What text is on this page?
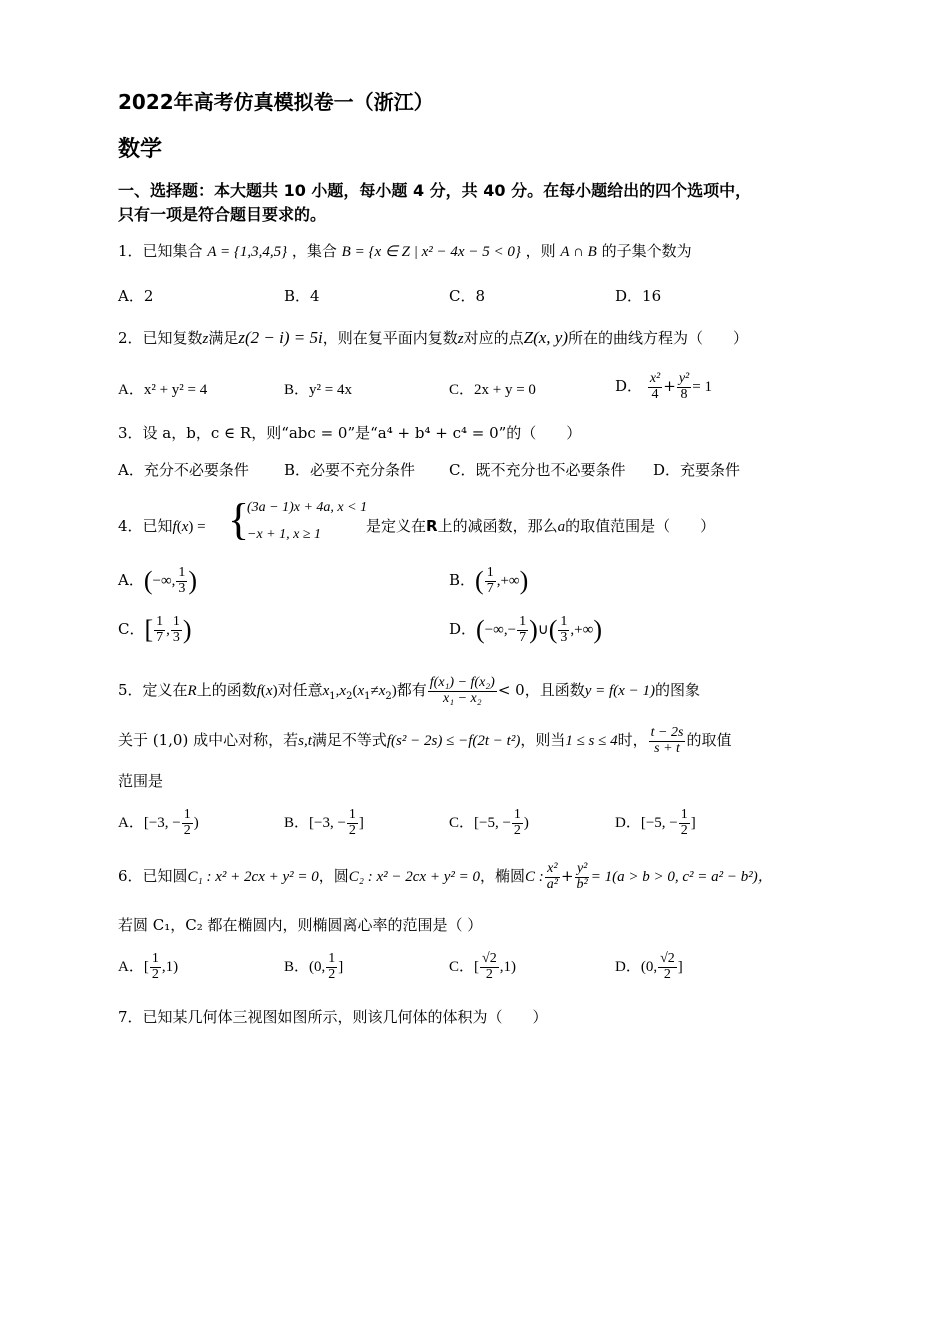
2022年高考仿真模拟卷一（浙江）
数学
一、选择题：本大题共 10 小题，每小题 4 分，共 40 分。在每小题给出的四个选项中，
只有一项是符合题目要求的。
1．已知集合 A = {1,3,4,5} ，集合 B = {x ∈ Z | x² − 4x − 5 < 0} ，则 A ∩ B 的子集个数为
A．2	B．4	C．8	D．16
2．已知复数z满足z(2 − i) = 5i，则在复平面内复数z对应的点Z(x, y)所在的曲线方程为（　　）
A．x² + y² = 4	B．y² = 4x	C．2x + y = 0	D． $\frac{\text{x²}}{4} + \frac{\text{y²}}{8} = 1$
3．设 a，b，c ∈ R，则“abc = 0”是“a⁴ + b⁴ + c⁴ = 0”的（　　）
A．充分不必要条件 B．必要不充分条件 C．既不充分也不必要条件 D．充要条件
4．已知f(x) = {
(3a − 1)x + 4a, x < 1
−x + 1, x ≥ 1	是定义在R上的减函数，那么a的取值范围是（　　）
A．(−∞, $\frac{1}{3}$ )	B．( $\frac{1}{7}$ ,+∞)
C．[ $\frac{1}{7}$ , $\frac{1}{3}$ )	D．(−∞,− $\frac{1}{7}$ )∪( $\frac{1}{3}$ ,+∞)
5．定义在R上的函数f(x)对任意$x_1,x_2(x_1\ne x_2)$都有 $\frac{\text{f(x₁) − f(x₂)}}{\text{x₁ − x₂}} < 0$，且函数y = f(x − 1)的图象
关于 (1,0) 成中心对称，若s,t满足不等式f(s² − 2s) ≤ −f(2t − t²)，则当1 ≤ s ≤ 4时， $\frac{t - 2s}{s + t}$ 的取值
范围是
A．[−3, − $\frac{1}{2}$ )	B．[−3, − $\frac{1}{2}$ ]	C．[−5, − $\frac{1}{2}$ )	D．[−5, − $\frac{1}{2}$ ]
6．已知圆C₁ : x² + 2cx + y² = 0，圆C₂ : x² − 2cx + y² = 0，椭圆C : $\frac{\text{x²}}{\text{a²}} + \frac{\text{y²}}{\text{b²}} = 1(a > b > 0$, c² = a² − b²)，
若圆 C₁，C₂ 都在椭圆内，则椭圆离心率的范围是（ ）
A．[ $\frac{1}{2} ,1$)	B．(0, $\frac{1}{2}$ ]	C．[ $\frac{√2}{2} ,1$)	D．(0, $\frac{√2}{2}$ ]
7．已知某几何体三视图如图所示，则该几何体的体积为（　　）
